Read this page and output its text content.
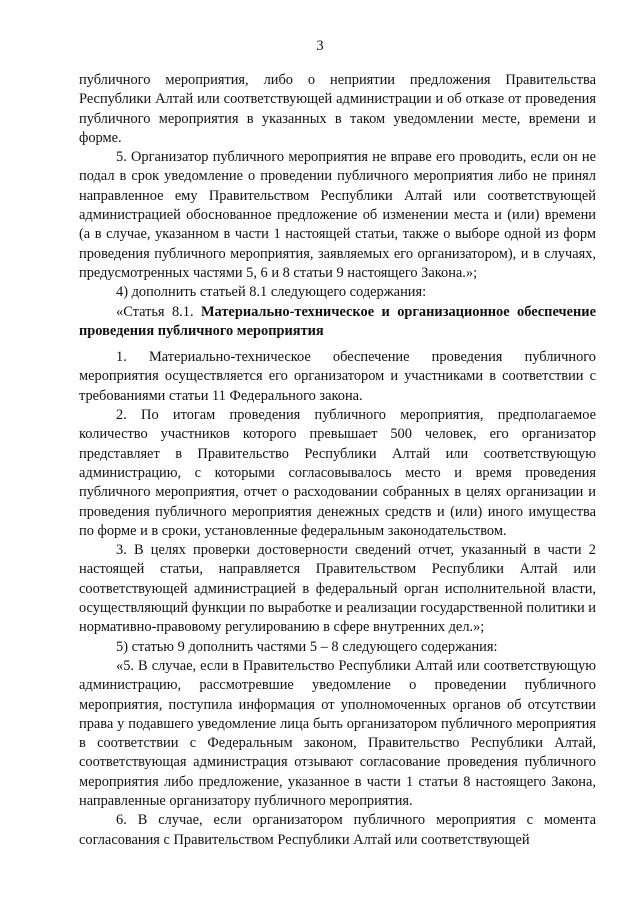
3

публичного мероприятия, либо о неприятии предложения Правительства Республики Алтай или соответствующей администрации и об отказе от проведения публичного мероприятия в указанных в таком уведомлении месте, времени и форме.

5. Организатор публичного мероприятия не вправе его проводить, если он не подал в срок уведомление о проведении публичного мероприятия либо не принял направленное ему Правительством Республики Алтай или соответствующей администрацией обоснованное предложение об изменении места и (или) времени (а в случае, указанном в части 1 настоящей статьи, также о выборе одной из форм проведения публичного мероприятия, заявляемых его организатором), и в случаях, предусмотренных частями 5, 6 и 8 статьи 9 настоящего Закона.»;

4) дополнить статьей 8.1 следующего содержания:

«Статья 8.1. Материально-техническое и организационное обеспечение проведения публичного мероприятия

1. Материально-техническое обеспечение проведения публичного мероприятия осуществляется его организатором и участниками в соответствии с требованиями статьи 11 Федерального закона.

2. По итогам проведения публичного мероприятия, предполагаемое количество участников которого превышает 500 человек, его организатор представляет в Правительство Республики Алтай или соответствующую администрацию, с которыми согласовывалось место и время проведения публичного мероприятия, отчет о расходовании собранных в целях организации и проведения публичного мероприятия денежных средств и (или) иного имущества по форме и в сроки, установленные федеральным законодательством.

3. В целях проверки достоверности сведений отчет, указанный в части 2 настоящей статьи, направляется Правительством Республики Алтай или соответствующей администрацией в федеральный орган исполнительной власти, осуществляющий функции по выработке и реализации государственной политики и нормативно-правовому регулированию в сфере внутренних дел.»;

5) статью 9 дополнить частями 5 – 8 следующего содержания:

«5. В случае, если в Правительство Республики Алтай или соответствующую администрацию, рассмотревшие уведомление о проведении публичного мероприятия, поступила информация от уполномоченных органов об отсутствии права у подавшего уведомление лица быть организатором публичного мероприятия в соответствии с Федеральным законом, Правительство Республики Алтай, соответствующая администрация отзывают согласование проведения публичного мероприятия либо предложение, указанное в части 1 статьи 8 настоящего Закона, направленные организатору публичного мероприятия.

6. В случае, если организатором публичного мероприятия с момента согласования с Правительством Республики Алтай или соответствующей
